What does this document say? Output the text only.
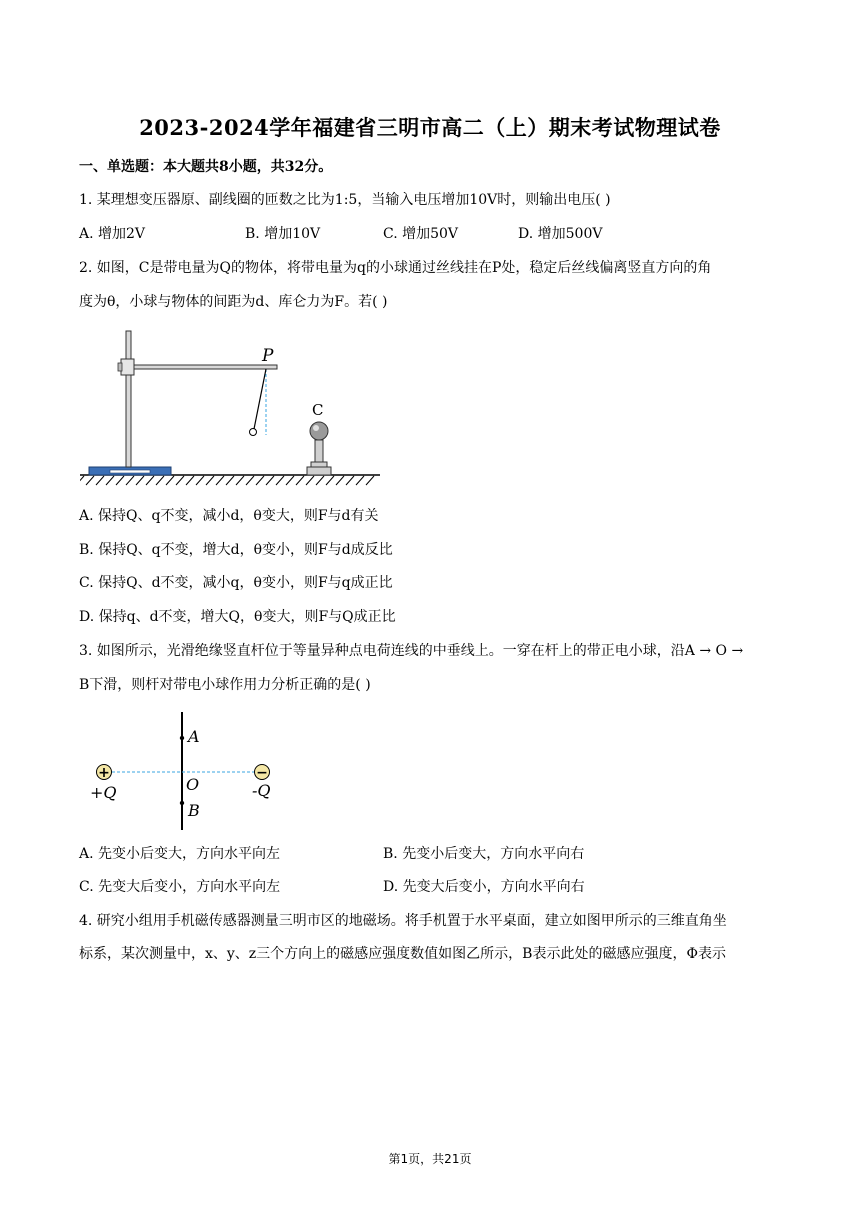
2023-2024学年福建省三明市高二（上）期末考试物理试卷
一、单选题：本大题共8小题，共32分。
1. 某理想变压器原、副线圈的匝数之比为1:5，当输入电压增加10V时，则输出电压( )
A. 增加2V	B. 增加10V	C. 增加50V	D. 增加500V
2. 如图，C是带电量为Q的物体，将带电量为q的小球通过丝线挂在P处，稳定后丝线偏离竖直方向的角
度为θ，小球与物体的间距为d、库仑力为F。若( )
P
C
A. 保持Q、q不变，减小d，θ变大，则F与d有关
B. 保持Q、q不变，增大d，θ变小，则F与d成反比
C. 保持Q、d不变，减小q，θ变小，则F与q成正比
D. 保持q、d不变，增大Q，θ变大，则F与Q成正比
3. 如图所示，光滑绝缘竖直杆位于等量异种点电荷连线的中垂线上。一穿在杆上的带正电小球，沿A → O →
B下滑，则杆对带电小球作用力分析正确的是( )
+	−
A
O
B
+Q	-Q
A. 先变小后变大，方向水平向左	B. 先变小后变大，方向水平向右
C. 先变大后变小，方向水平向左	D. 先变大后变小，方向水平向右
4. 研究小组用手机磁传感器测量三明市区的地磁场。将手机置于水平桌面，建立如图甲所示的三维直角坐
标系，某次测量中，x、y、z三个方向上的磁感应强度数值如图乙所示，B表示此处的磁感应强度，Φ表示
第1页，共21页
